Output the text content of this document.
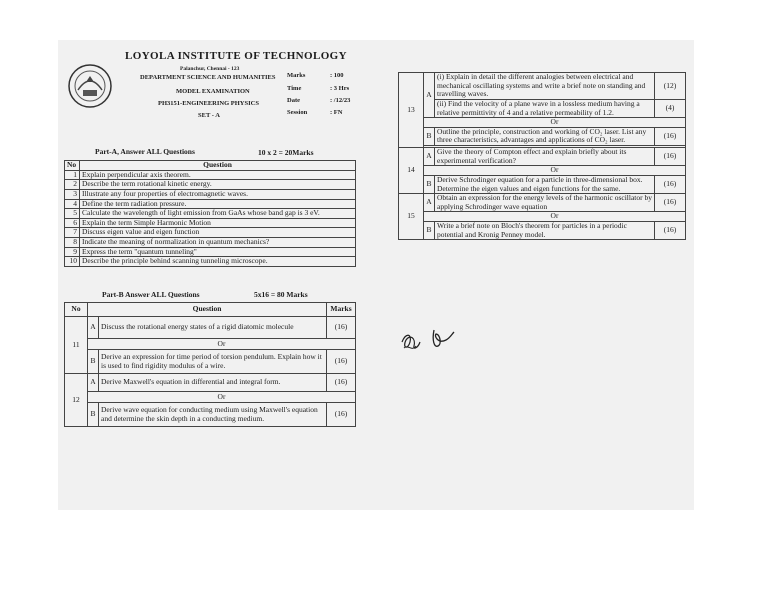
LOYOLA INSTITUTE OF TECHNOLOGY
Palanchur, Chennai - 123
DEPARTMENT SCIENCE AND HUMANITIES
MODEL EXAMINATION
PH3151-ENGINEERING PHYSICS
SET - A
Marks	: 100
Time	: 3 Hrs
Date	: /12/23
Session	: FN
Part-A, Answer ALL Questions	10 x 2 = 20Marks
No	Question
1	Explain perpendicular axis theorem.
2	Describe the term rotational kinetic energy.
3	Illustrate any four properties of electromagnetic waves.
4	Define the term radiation pressure.
5	Calculate the wavelength of light emission from GaAs whose band gap is 3 eV.
6	Explain the term Simple Harmonic Motion
7	Discuss eigen value and eigen function
8	Indicate the meaning of normalization in quantum mechanics?
9	Express the term "quantum tunneling"
10	Describe the principle behind scanning tunneling microscope.
Part-B Answer ALL Questions	5x16 = 80 Marks
No	Question		Marks
11	A	Discuss the rotational energy states of a rigid diatomic molecule	(16)
	Or		
	B	Derive an expression for time period of torsion pendulum. Explain how it is used to find rigidity modulus of a wire.	(16)
12	A	Derive Maxwell's equation in differential and integral form.	(16)
	Or		
	B	Derive wave equation for conducting medium using Maxwell's equation and determine the skin depth in a conducting medium.	(16)
13	A	(i) Explain in detail the different analogies between electrical and mechanical oscillating systems and write a brief note on standing and travelling waves.	(12)
		(ii) Find the velocity of a plane wave in a lossless medium having a relative permittivity of 4 and a relative permeability of 1.2.	(4)
	Or		
	B	Outline the principle, construction and working of CO₂ laser. List any three characteristics, advantages and applications of CO₂ laser.	(16)

14	A	Give the theory of Compton effect and explain briefly about its experimental verification?	(16)
	Or		
	B	Derive Schrodinger equation for a particle in three-dimensional box. Determine the eigen values and eigen functions for the same.	(16)
15	A	Obtain an expression for the energy levels of the harmonic oscillator by applying Schrodinger wave equation	(16)
	Or		
	B	Write a brief note on Bloch's theorem for particles in a periodic potential and Kronig Penney model.	(16)
